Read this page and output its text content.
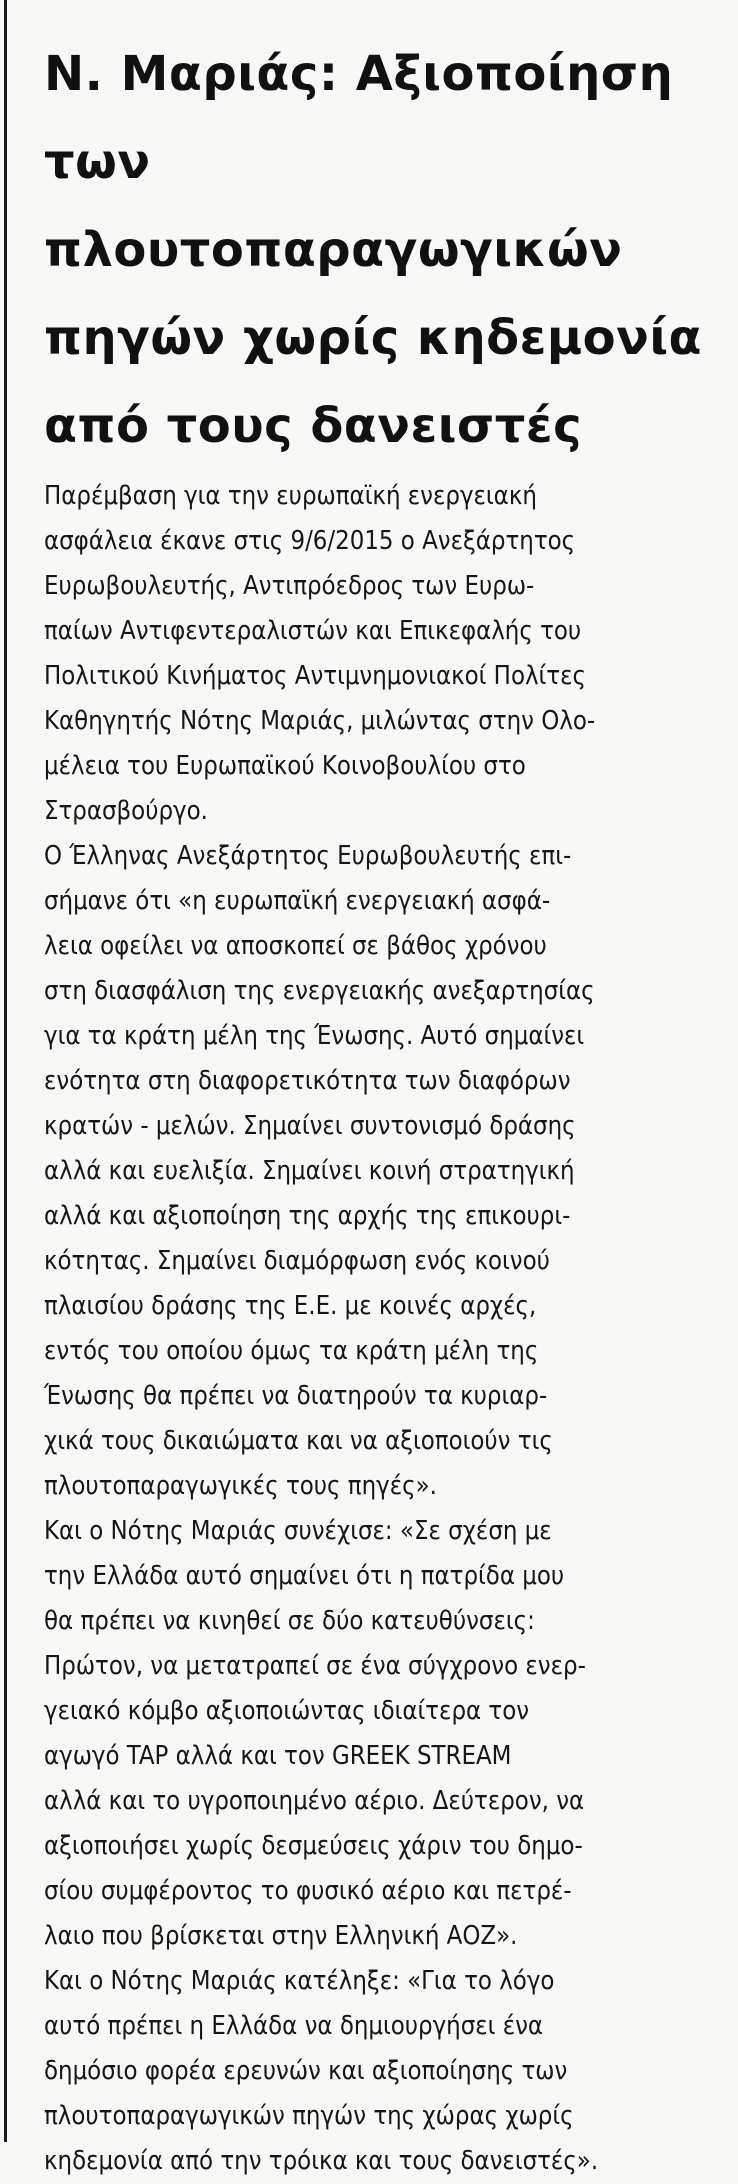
Ν. Μαριάς: Αξιοποίηση
των πλουτοπαραγωγικών
πηγών χωρίς κηδεμονία
από τους δανειστές

Παρέμβαση για την ευρωπαϊκή ενεργειακή
ασφάλεια έκανε στις 9/6/2015 ο Ανεξάρτητος
Ευρωβουλευτής, Αντιπρόεδρος των Ευρω-
παίων Αντιφεντεραλιστών και Επικεφαλής του
Πολιτικού Κινήματος Αντιμνημονιακοί Πολίτες
Καθηγητής Νότης Μαριάς, μιλώντας στην Ολο-
μέλεια του Ευρωπαϊκού Κοινοβουλίου στο
Στρασβούργο.

Ο Έλληνας Ανεξάρτητος Ευρωβουλευτής επι-
σήμανε ότι «η ευρωπαϊκή ενεργειακή ασφά-
λεια οφείλει να αποσκοπεί σε βάθος χρόνου
στη διασφάλιση της ενεργειακής ανεξαρτησίας
για τα κράτη μέλη της Ένωσης. Αυτό σημαίνει
ενότητα στη διαφορετικότητα των διαφόρων
κρατών - μελών. Σημαίνει συντονισμό δράσης
αλλά και ευελιξία. Σημαίνει κοινή στρατηγική
αλλά και αξιοποίηση της αρχής της επικουρι-
κότητας. Σημαίνει διαμόρφωση ενός κοινού
πλαισίου δράσης της Ε.Ε. με κοινές αρχές,
εντός του οποίου όμως τα κράτη μέλη της
Ένωσης θα πρέπει να διατηρούν τα κυριαρ-
χικά τους δικαιώματα και να αξιοποιούν τις
πλουτοπαραγωγικές τους πηγές».

Και ο Νότης Μαριάς συνέχισε: «Σε σχέση με
την Ελλάδα αυτό σημαίνει ότι η πατρίδα μου
θα πρέπει να κινηθεί σε δύο κατευθύνσεις:
Πρώτον, να μετατραπεί σε ένα σύγχρονο ενερ-
γειακό κόμβο αξιοποιώντας ιδιαίτερα τον
αγωγό TAP αλλά και τον GREEK STREAM
αλλά και το υγροποιημένο αέριο. Δεύτερον, να
αξιοποιήσει χωρίς δεσμεύσεις χάριν του δημο-
σίου συμφέροντος το φυσικό αέριο και πετρέ-
λαιο που βρίσκεται στην Ελληνική ΑΟΖ».

Και ο Νότης Μαριάς κατέληξε: «Για το λόγο
αυτό πρέπει η Ελλάδα να δημιουργήσει ένα
δημόσιο φορέα ερευνών και αξιοποίησης των
πλουτοπαραγωγικών πηγών της χώρας χωρίς
κηδεμονία από την τρόικα και τους δανειστές».
